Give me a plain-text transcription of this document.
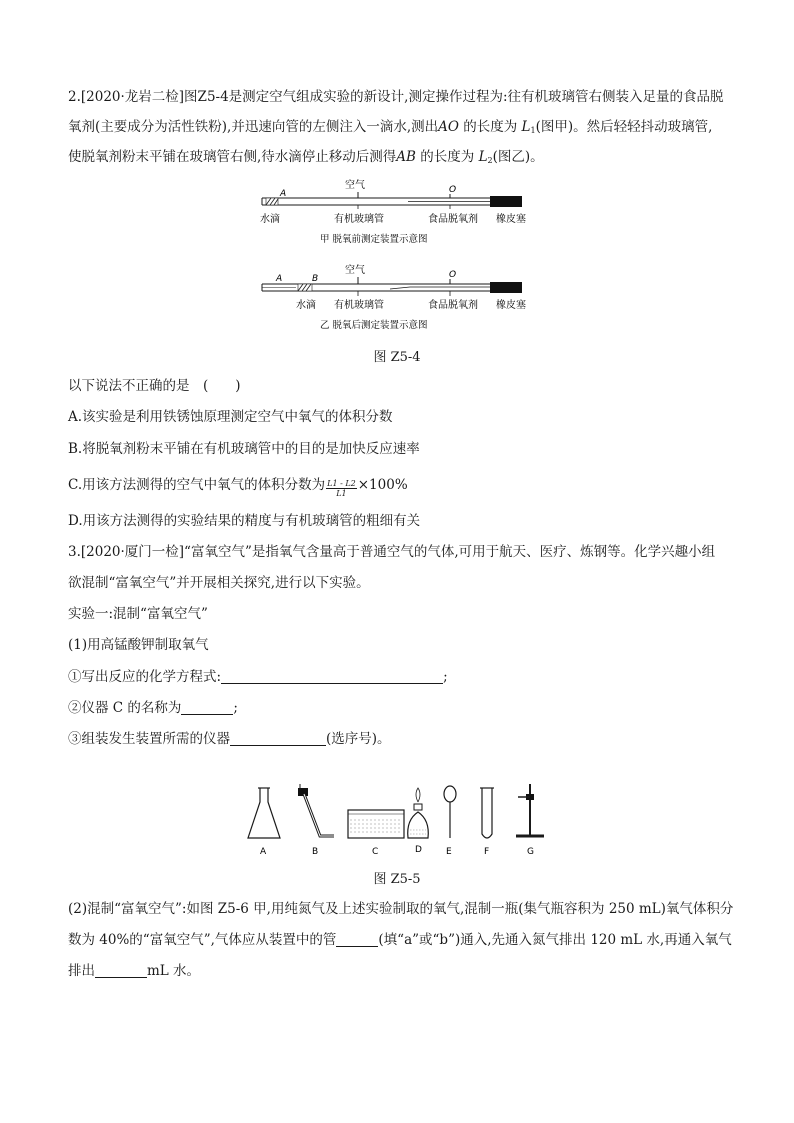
2.[2020·龙岩二检]图Z5-4是测定空气组成实验的新设计,测定操作过程为:往有机玻璃管右侧装入足量的食品脱
氧剂(主要成分为活性铁粉),并迅速向管的左侧注入一滴水,测出AO 的长度为 $L_1$(图甲)。然后轻轻抖动玻璃管,
使脱氧剂粉末平铺在玻璃管右侧,待水滴停止移动后测得AB 的长度为 $L_2$(图乙)。
A
空气	O
水滴	有机玻璃管	食品脱氧剂 橡皮塞
甲 脱氧前测定装置示意图
A	B
空气	O
水滴 有机玻璃管	食品脱氧剂 橡皮塞
乙 脱氧后测定装置示意图
图 Z5-4
以下说法不正确的是　(　　)
A.该实验是利用铁锈蚀原理测定空气中氧气的体积分数
B.将脱氧剂粉末平铺在有机玻璃管中的目的是加快反应速率
C.用该方法测得的空气中氧气的体积分数为 $\frac{L1 - L2}{L1} \times 100\%$
D.用该方法测得的实验结果的精度与有机玻璃管的粗细有关
3.[2020·厦门一检]“富氧空气”是指氧气含量高于普通空气的气体,可用于航天、医疗、炼钢等。化学兴趣小组
欲混制“富氧空气”并开展相关探究,进行以下实验。
实验一:混制“富氧空气”
(1)用高锰酸钾制取氧气
①写出反应的化学方程式:	;
②仪器 C 的名称为	;
③组装发生装置所需的仪器	(选序号)。
A	B	C	D	E	F	G
图 Z5-5
(2)混制“富氧空气”:如图 Z5-6 甲,用纯氮气及上述实验制取的氧气,混制一瓶(集气瓶容积为 250 mL)氧气体积分
数为 40%的“富氧空气”,气体应从装置中的管	(填“a”或“b”)通入,先通入氮气排出 120 mL 水,再通入氧气
排出	mL 水。
